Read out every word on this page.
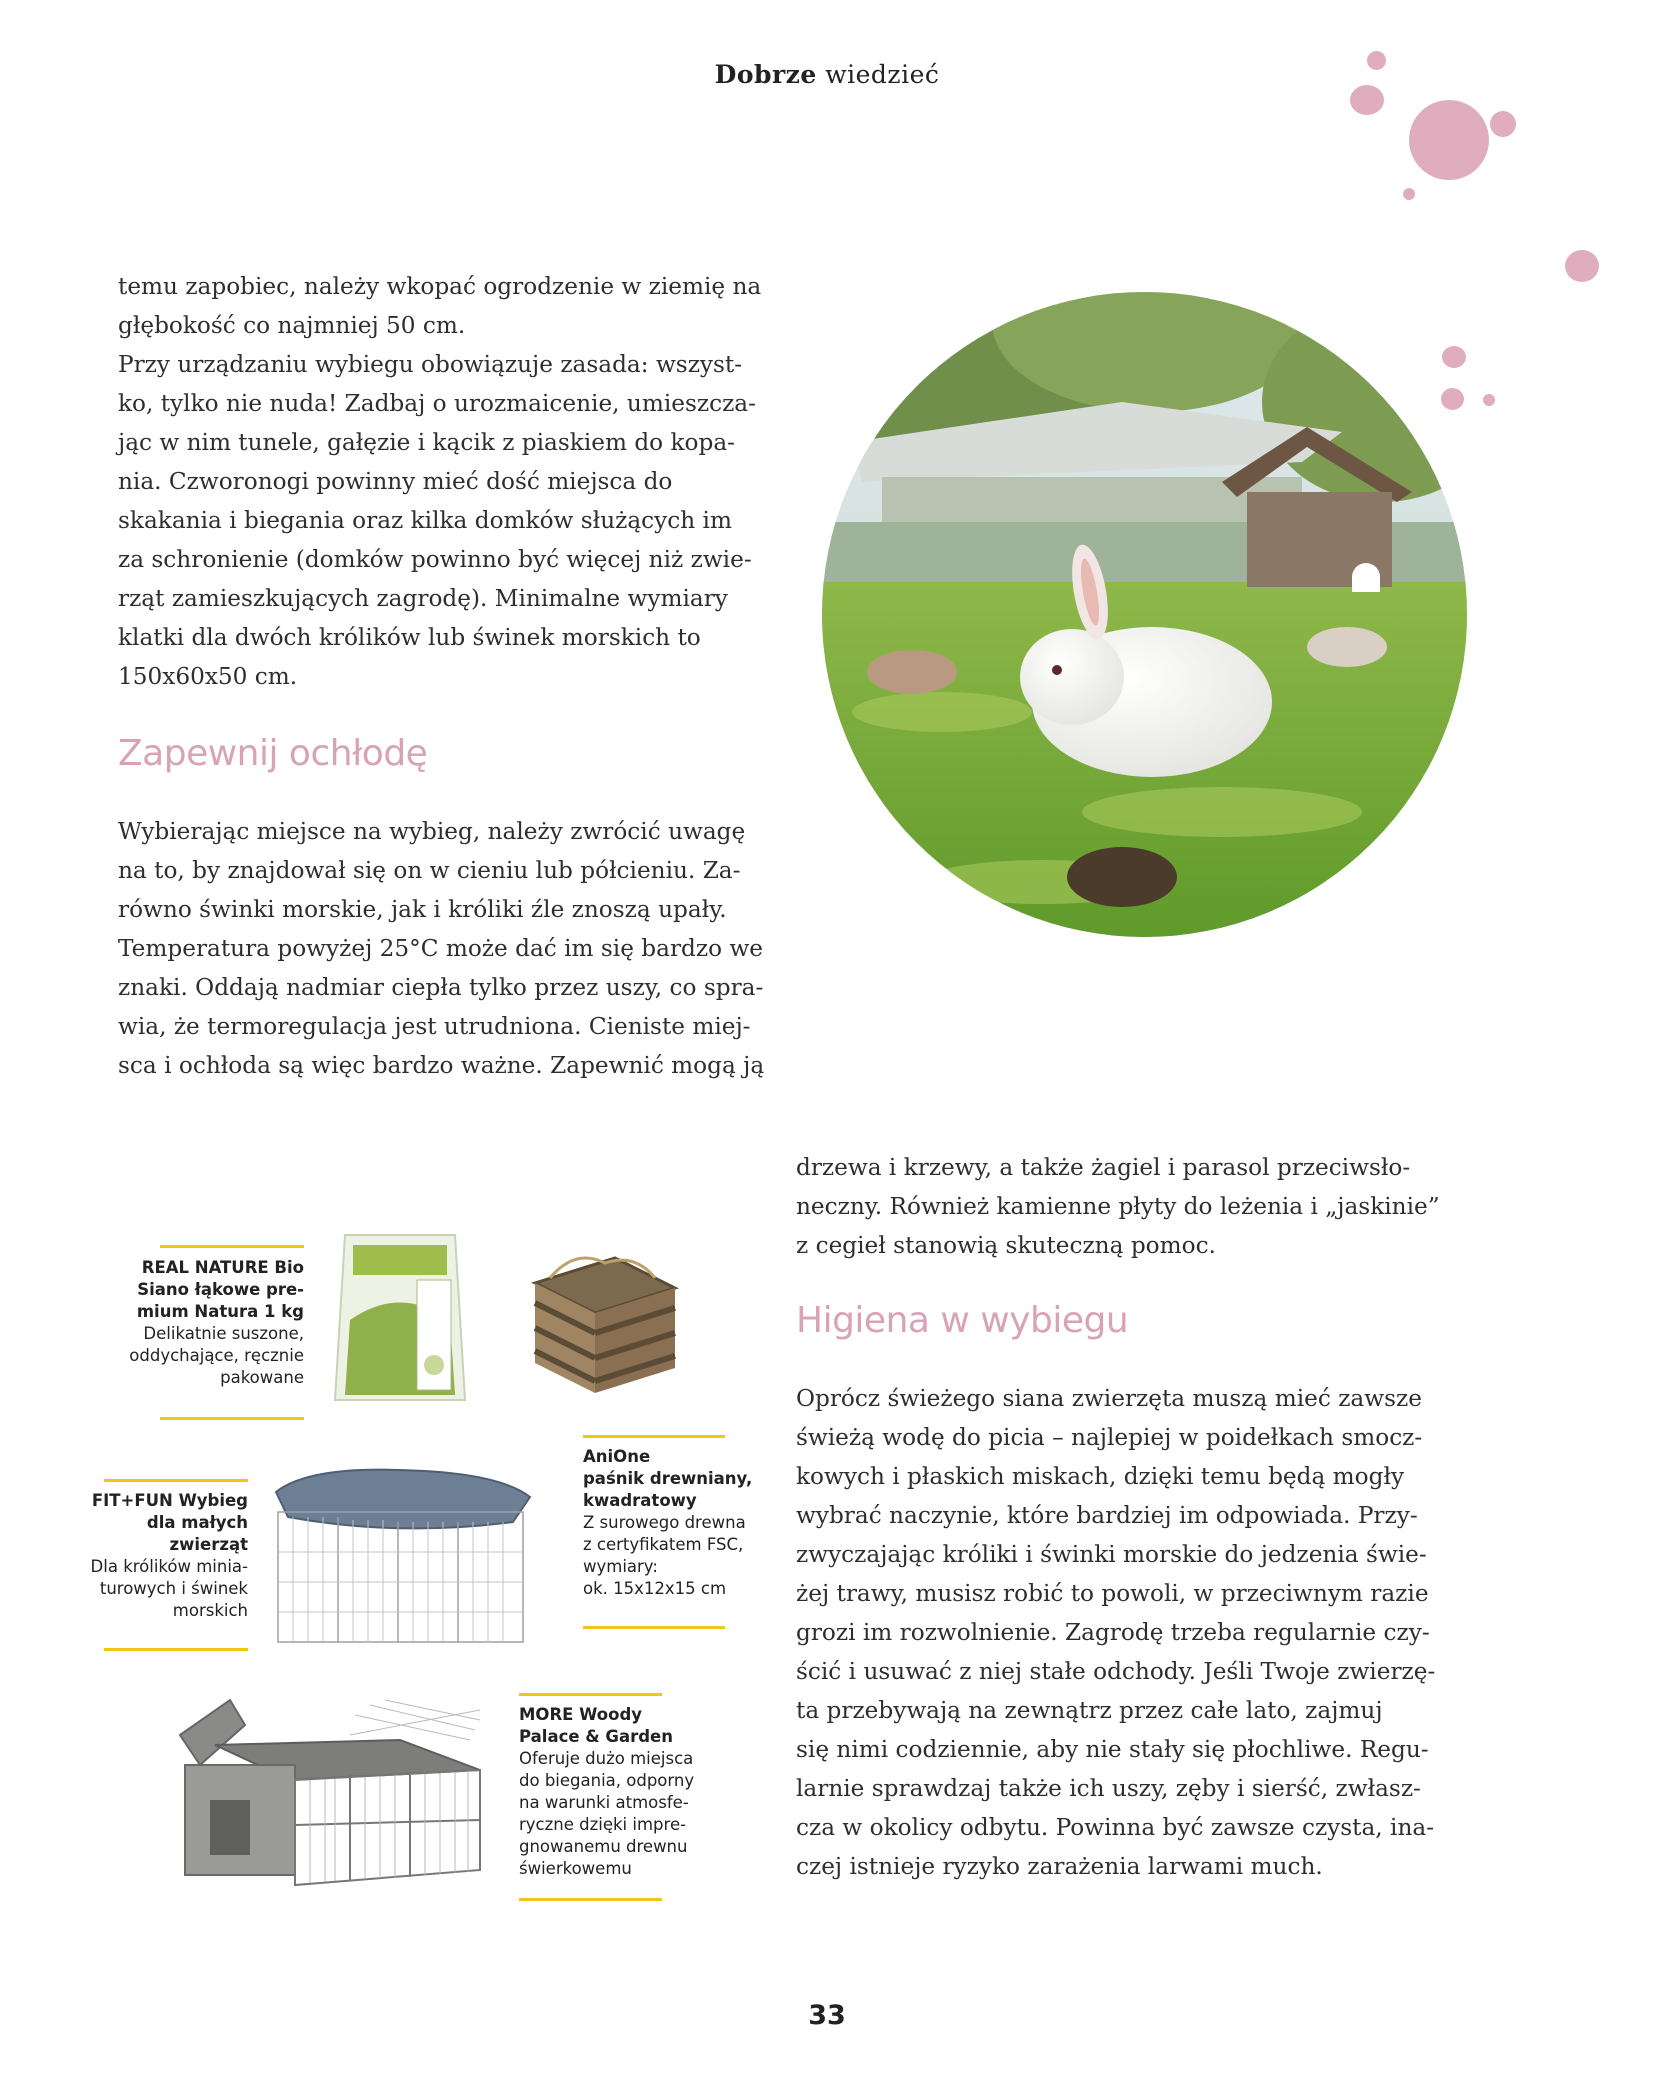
Dobrze wiedzieć
temu zapobiec, należy wkopać ogrodzenie w ziemię na
głębokość co najmniej 50 cm.
Przy urządzaniu wybiegu obowiązuje zasada: wszyst-
ko, tylko nie nuda! Zadbaj o urozmaicenie, umieszcza-
jąc w nim tunele, gałęzie i kącik z piaskiem do kopa-
nia. Czworonogi powinny mieć dość miejsca do
skakania i biegania oraz kilka domków służących im
za schronienie (domków powinno być więcej niż zwie-
rząt zamieszkujących zagrodę). Minimalne wymiary
klatki dla dwóch królików lub świnek morskich to
150x60x50 cm.
Zapewnij ochłodę
Wybierając miejsce na wybieg, należy zwrócić uwagę
na to, by znajdował się on w cieniu lub półcieniu. Za-
równo świnki morskie, jak i króliki źle znoszą upały.
Temperatura powyżej 25°C może dać im się bardzo we
znaki. Oddają nadmiar ciepła tylko przez uszy, co spra-
wia, że termoregulacja jest utrudniona. Cieniste miej-
sca i ochłoda są więc bardzo ważne. Zapewnić mogą ją
drzewa i krzewy, a także żagiel i parasol przeciwsło-
neczny. Również kamienne płyty do leżenia i „jaskinie”
z cegieł stanowią skuteczną pomoc.
Higiena w wybiegu
Oprócz świeżego siana zwierzęta muszą mieć zawsze
świeżą wodę do picia – najlepiej w poidełkach smocz-
kowych i płaskich miskach, dzięki temu będą mogły
wybrać naczynie, które bardziej im odpowiada. Przy-
zwyczajając króliki i świnki morskie do jedzenia świe-
żej trawy, musisz robić to powoli, w przeciwnym razie
grozi im rozwolnienie. Zagrodę trzeba regularnie czy-
ścić i usuwać z niej stałe odchody. Jeśli Twoje zwierzę-
ta przebywają na zewnątrz przez całe lato, zajmuj
się nimi codziennie, aby nie stały się płochliwe. Regu-
larnie sprawdzaj także ich uszy, zęby i sierść, zwłasz-
cza w okolicy odbytu. Powinna być zawsze czysta, ina-
czej istnieje ryzyko zarażenia larwami much.
REAL NATURE Bio
Siano łąkowe pre-
mium Natura 1 kg
Delikatnie suszone,
oddychające, ręcznie
pakowane
AniOne
paśnik drewniany,
kwadratowy
Z surowego drewna
z certyfikatem FSC,
wymiary:
ok. 15x12x15 cm
FIT+FUN Wybieg
dla małych
zwierząt
Dla królików minia-
turowych i świnek
morskich
MORE Woody
Palace & Garden
Oferuje dużo miejsca
do biegania, odporny
na warunki atmosfe-
ryczne dzięki impre-
gnowanemu drewnu
świerkowemu
33
